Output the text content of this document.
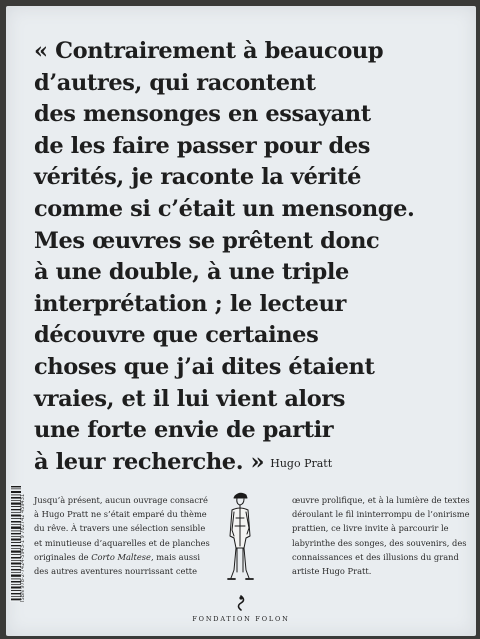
« Contrairement à beaucoup
d’autres, qui racontent
des mensonges en essayant
de les faire passer pour des
vérités, je raconte la vérité
comme si c’était un mensonge.
Mes œuvres se prêtent donc
à une double, à une triple
interprétation ; le lecteur
découvre que certaines
choses que j’ai dites étaient
vraies, et il lui vient alors
une forte envie de partir
à leur recherche. » Hugo Pratt
ISBN 978-2-7424-5943-1 9 782742 459431 Jusqu’à présent, aucun ouvrage consacré
à Hugo Pratt ne s’était emparé du thème
du rêve. À travers une sélection sensible
et minutieuse d’aquarelles et de planches
originales de Corto Maltese, mais aussi
des autres aventures nourrissant cette
œuvre prolifique, et à la lumière de textes
déroulant le fil ininterrompu de l’onirisme
prattien, ce livre invite à parcourir le
labyrinthe des songes, des souvenirs, des
connaissances et des illusions du grand
artiste Hugo Pratt.
FONDATION FOLON
